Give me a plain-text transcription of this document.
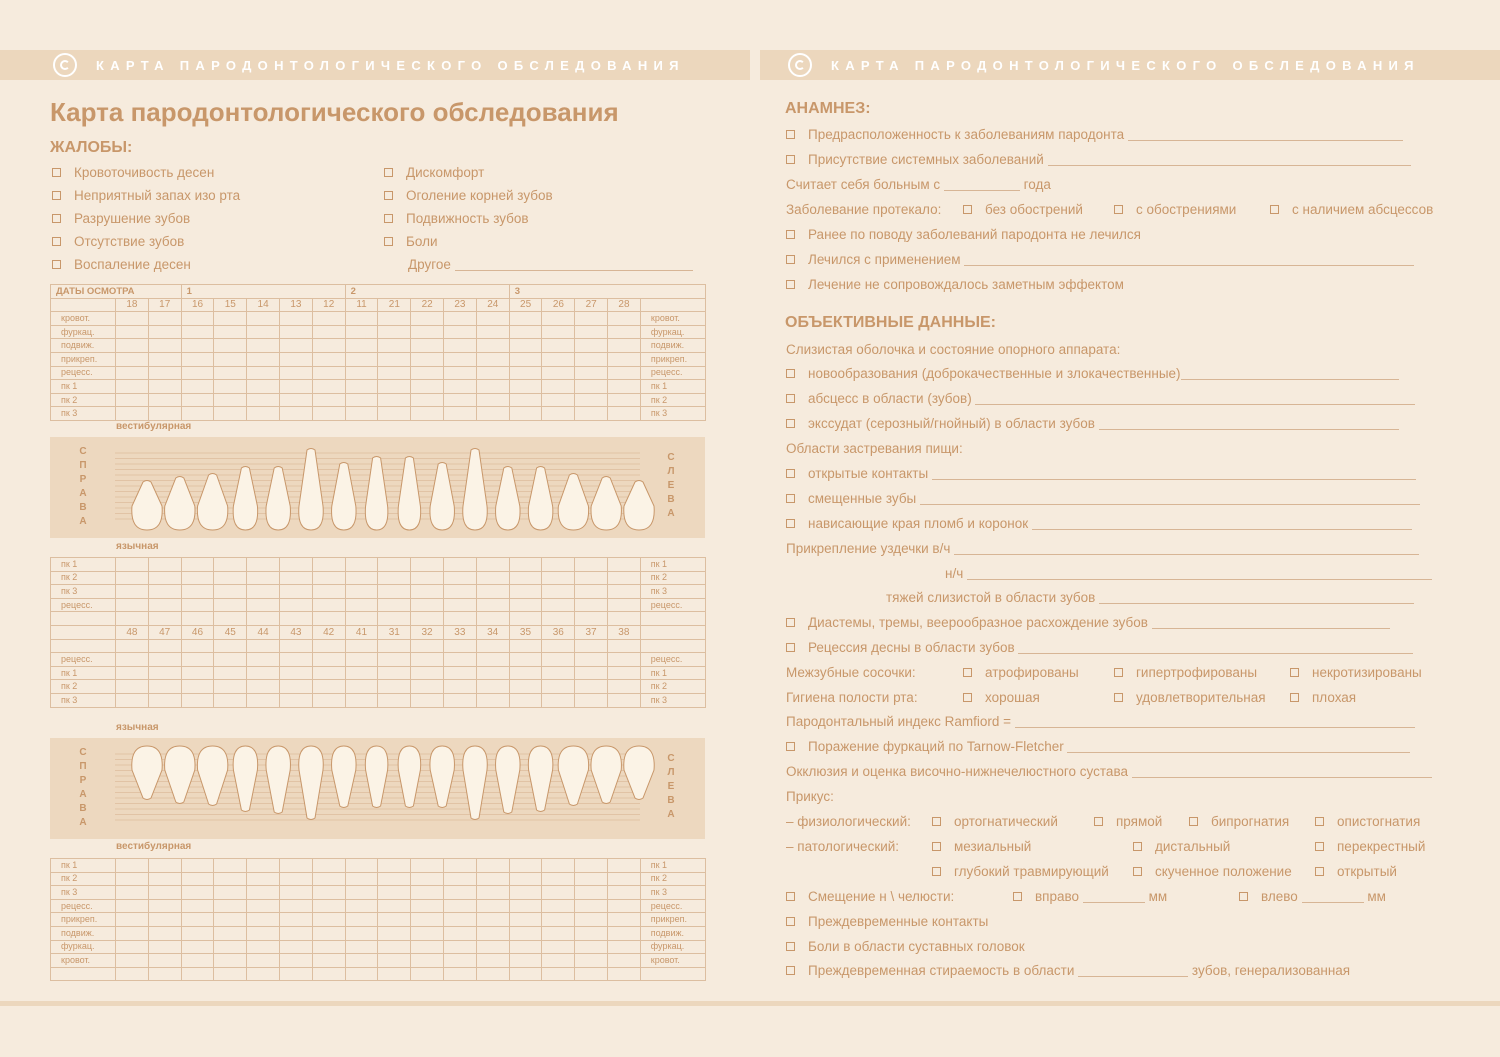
КАРТА ПАРОДОНТОЛОГИЧЕСКОГО ОБСЛЕДОВАНИЯ	КАРТА ПАРОДОНТОЛОГИЧЕСКОГО ОБСЛЕДОВАНИЯ
Карта пародонтологического обследования
ЖАЛОБЫ:
Кровоточивость десен
Неприятный запах изо рта
Разрушение зубов
Отсутствие зубов
Воспаление десен
Дискомфорт
Оголение корней зубов
Подвижность зубов
Боли
Другое
ДАТЫ ОСМОТРА			1					2					3				
	18	17	16	15	14	13	12	11	21	22	23	24	25	26	27	28	
кровот.																	кровот.
фуркац.																	фуркац.
подвиж.																	подвиж.
прикреп.																	прикреп.
рецесс.																	рецесс.
пк 1																	пк 1
пк 2																	пк 2
пк 3																	пк 3
вестибулярная
С
П
Р
А
В
А
С
Л
Е
В
А
язычная
пк 1																	пк 1
пк 2																	пк 2
пк 3																	пк 3
рецесс.																	рецесс.

	48	47	46	45	44	43	42	41	31	32	33	34	35	36	37	38	

рецесс.																	рецесс.
пк 1																	пк 1
пк 2																	пк 2
пк 3																	пк 3
язычная
С
П
Р
А
В
А
С
Л
Е
В
А
вестибулярная
пк 1																	пк 1
пк 2																	пк 2
пк 3																	пк 3
рецесс.																	рецесс.
прикреп.																	прикреп.
подвиж.																	подвиж.
фуркац.																	фуркац.
кровот.																	кровот.

АНАМНЕЗ:
Предрасположенность к заболеваниям пародонта
Присутствие системных заболеваний
Считает себя больным с	года
Заболевание протекало:	без обострений	с обострениями	с наличием абсцессов
Ранее по поводу заболеваний пародонта не лечился
Лечился с применением
Лечение не сопровождалось заметным эффектом
ОБЪЕКТИВНЫЕ ДАННЫЕ:
Слизистая оболочка и состояние опорного аппарата:
новообразования (доброкачественные и злокачественные)
абсцесс в области (зубов)
экссудат (серозный/гнойный) в области зубов
Области застревания пищи:
открытые контакты
смещенные зубы
нависающие края пломб и коронок
Прикрепление уздечки в/ч
н/ч
тяжей слизистой в области зубов
Диастемы, тремы, веерообразное расхождение зубов
Рецессия десны в области зубов
Межзубные сосочки:	атрофированы	гипертрофированы	некротизированы
Гигиена полости рта:	хорошая	удовлетворительная	плохая
Пародонтальный индекс Ramfiord =
Поражение фуркаций по Tarnow-Fletcher
Окклюзия и оценка височно-нижнечелюстного сустава
Прикус:
– физиологический:	ортогнатический	прямой	бипрогнатия	опистогнатия
– патологический:	мезиальный	дистальный	перекрестный
глубокий травмирующий	скученное положение	открытый
Смещение н \ челюсти:	вправо	мм	влево	мм
Преждевременные контакты
Боли в области суставных головок
Преждевременная стираемость в области	зубов, генерализованная
